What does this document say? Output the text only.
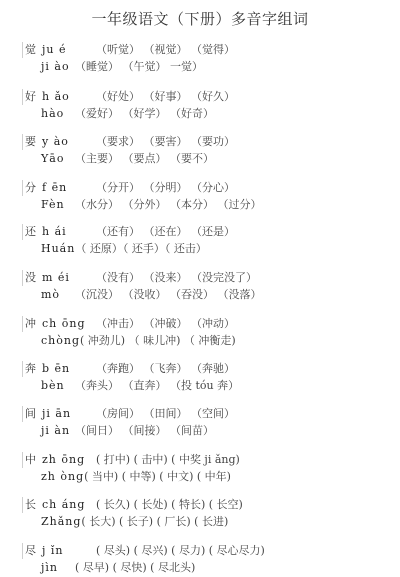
一年级语文（下册）多音字组词
觉 ju é	（听觉） （视觉） （觉得）
ji ào （睡觉） （午觉） 一觉）
好 h ǎo （好处） （好事） （好久）
hào （爱好） （好学） （好奇）
要 y ào （要求） （要害） （要功）
Yāo （主要） （要点） （要不）
分 f ēn	（分开） （分明） （分心）
Fèn （水分） （分外） （本分） （过分）
还 h ái	（还有） （还在） （还是）
Huán（ 还原）（ 还手）（ 还击）
没 m éi （没有） （没来） （没完没了）
mò （沉没） （没收） （吞没） （没落）
冲 ch ōng （冲击） （冲破） （冲动）
chòng( 冲劲儿) （ 味儿冲) （ 冲衡走)
奔 b ēn （奔跑） （飞奔） （奔驰）
bèn （奔头） （直奔） （投 tóu 奔）
间 ji ān （房间） （田间） （空间）
ji àn （间日） （间接） （间苗）
中 zh ōng ( 打中) ( 击中) ( 中奖 ji ǎng)
zh òng( 当中) ( 中等) ( 中文) ( 中年)
长 ch áng ( 长久) ( 长处) ( 特长) ( 长空)
Zhǎng( 长大) ( 长子) ( 厂长) ( 长进)
尽 j ǐn	( 尽头) ( 尽兴) ( 尽力) ( 尽心尽力)
jìn ( 尽早) ( 尽快) ( 尽北头)
